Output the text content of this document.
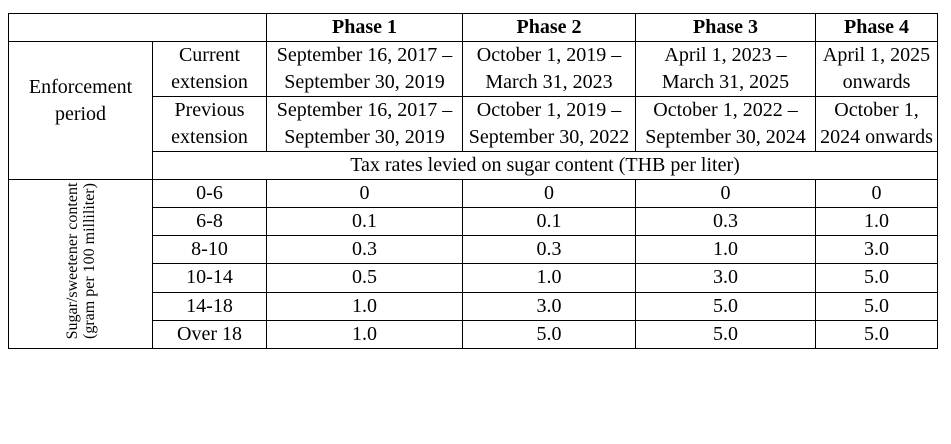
		Phase 1	Phase 2	Phase 3	Phase 4
Enforcement period	Current extension	September 16, 2017 – September 30, 2019	October 1, 2019 – March 31, 2023	April 1, 2023 – March 31, 2025	April 1, 2025 onwards
	Previous extension	September 16, 2017 – September 30, 2019	October 1, 2019 – September 30, 2022	October 1, 2022 – September 30, 2024	October 1, 2024 onwards
	Tax rates levied on sugar content (THB per liter)				

Sugar/sweetener content (gram per 100 milliliter)	0-6	0	0	0	0
	6-8	0.1	0.1	0.3	1.0
	8-10	0.3	0.3	1.0	3.0
	10-14	0.5	1.0	3.0	5.0
	14-18	1.0	3.0	5.0	5.0
	Over 18	1.0	5.0	5.0	5.0
